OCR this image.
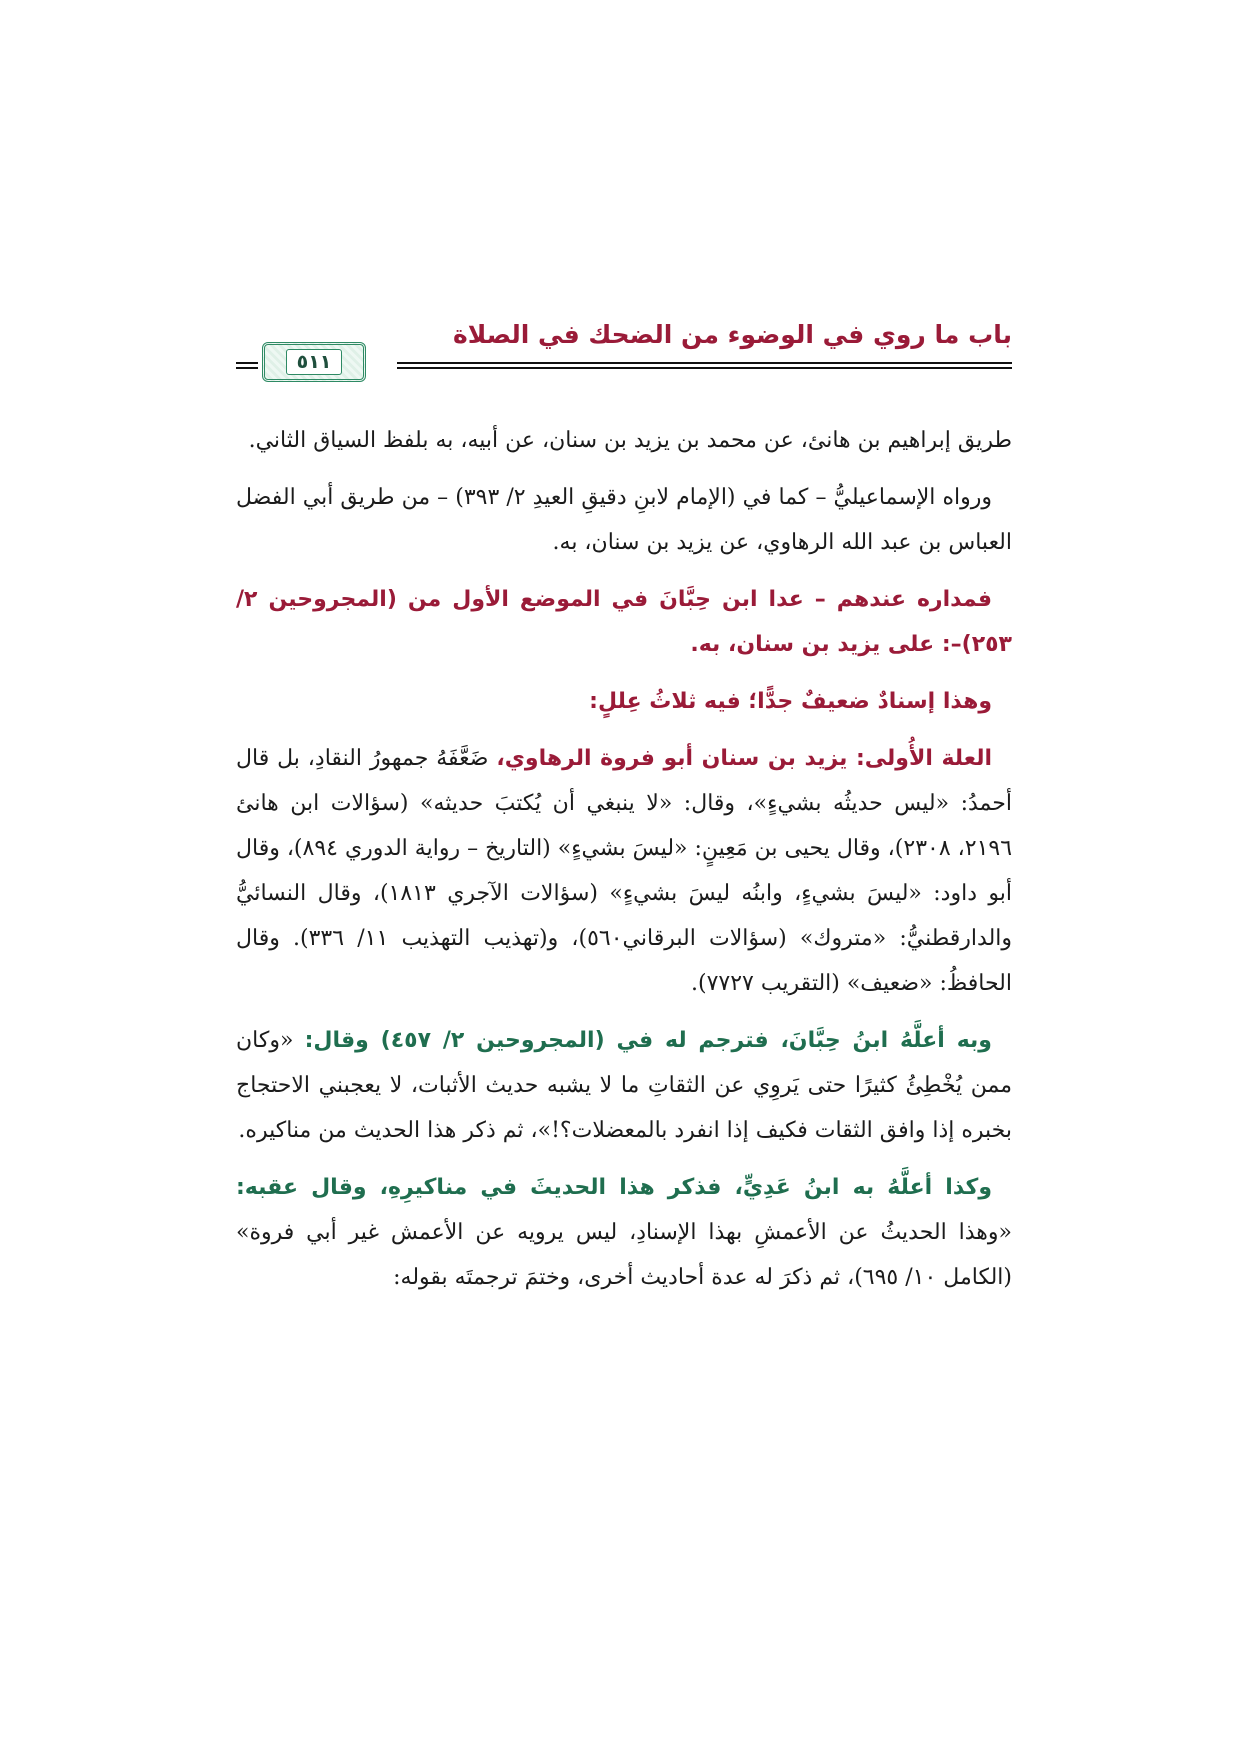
باب ما روي في الوضوء من الضحك في الصلاة
٥١١

طريق إبراهيم بن هانئ، عن محمد بن يزيد بن سنان، عن أبيه، به بلفظ السياق الثاني.

ورواه الإسماعيليُّ – كما في (الإمام لابنِ دقيقِ العيدِ ٢/ ٣٩٣) – من طريق أبي الفضل العباس بن عبد الله الرهاوي، عن يزيد بن سنان، به.

فمداره عندهم – عدا ابن حِبَّانَ في الموضع الأول من (المجروحين ٢/ ٢٥٣)–: على يزيد بن سنان، به.

وهذا إسنادٌ ضعيفٌ جدًّا؛ فيه ثلاثُ عِللٍ:

العلة الأُولى: يزيد بن سنان أبو فروة الرهاوي، ضَعَّفَهُ جمهورُ النقادِ، بل قال أحمدُ: «ليس حديثُه بشيءٍ»، وقال: «لا ينبغي أن يُكتبَ حديثه» (سؤالات ابن هانئ ٢١٩٦، ٢٣٠٨)، وقال يحيى بن مَعِينٍ: «ليسَ بشيءٍ» (التاريخ – رواية الدوري ٨٩٤)، وقال أبو داود: «ليسَ بشيءٍ، وابنُه ليسَ بشيءٍ» (سؤالات الآجري ١٨١٣)، وقال النسائيُّ والدارقطنيُّ: «متروك» (سؤالات البرقاني٥٦٠)، و(تهذيب التهذيب ١١/ ٣٣٦). وقال الحافظُ: «ضعيف» (التقريب ٧٧٢٧).

وبه أعلَّهُ ابنُ حِبَّانَ، فترجم له في (المجروحين ٢/ ٤٥٧) وقال: «وكان ممن يُخْطِئُ كثيرًا حتى يَروِي عن الثقاتِ ما لا يشبه حديث الأثبات، لا يعجبني الاحتجاج بخبره إذا وافق الثقات فكيف إذا انفرد بالمعضلات؟!»، ثم ذكر هذا الحديث من مناكيره.

وكذا أعلَّهُ به ابنُ عَدِيٍّ، فذكر هذا الحديثَ في مناكيرِهِ، وقال عقبه: «وهذا الحديثُ عن الأعمشِ بهذا الإسنادِ، ليس يرويه عن الأعمش غير أبي فروة» (الكامل ١٠/ ٦٩٥)، ثم ذكرَ له عدة أحاديث أخرى، وختمَ ترجمتَه بقوله:
